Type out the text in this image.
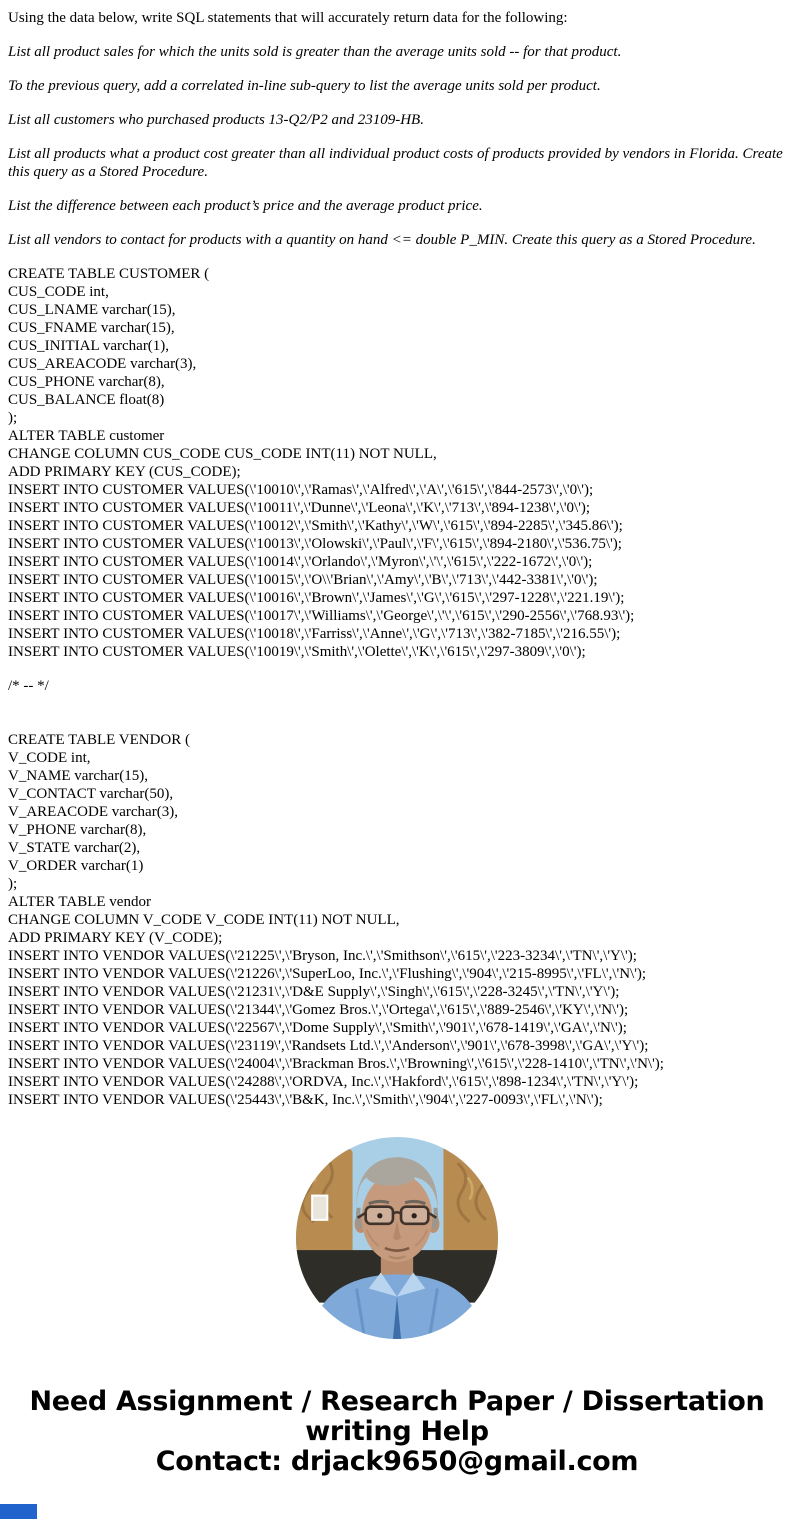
Using the data below, write SQL statements that will accurately return data for the following:

List all product sales for which the units sold is greater than the average units sold -- for that product.

To the previous query, add a correlated in-line sub-query to list the average units sold per product.

List all customers who purchased products 13-Q2/P2 and 23109-HB.

List all products what a product cost greater than all individual product costs of products provided by vendors in Florida. Create this query as a Stored Procedure.

List the difference between each product’s price and the average product price.

List all vendors to contact for products with a quantity on hand <= double P_MIN. Create this query as a Stored Procedure.

CREATE TABLE CUSTOMER (
CUS_CODE int,
CUS_LNAME varchar(15),
CUS_FNAME varchar(15),
CUS_INITIAL varchar(1),
CUS_AREACODE varchar(3),
CUS_PHONE varchar(8),
CUS_BALANCE float(8)
);
ALTER TABLE customer
CHANGE COLUMN CUS_CODE CUS_CODE INT(11) NOT NULL,
ADD PRIMARY KEY (CUS_CODE);
INSERT INTO CUSTOMER VALUES(\'10010\',\'Ramas\',\'Alfred\',\'A\',\'615\',\'844-2573\',\'0\');
INSERT INTO CUSTOMER VALUES(\'10011\',\'Dunne\',\'Leona\',\'K\',\'713\',\'894-1238\',\'0\');
INSERT INTO CUSTOMER VALUES(\'10012\',\'Smith\',\'Kathy\',\'W\',\'615\',\'894-2285\',\'345.86\');
INSERT INTO CUSTOMER VALUES(\'10013\',\'Olowski\',\'Paul\',\'F\',\'615\',\'894-2180\',\'536.75\');
INSERT INTO CUSTOMER VALUES(\'10014\',\'Orlando\',\'Myron\',\'\',\'615\',\'222-1672\',\'0\');
INSERT INTO CUSTOMER VALUES(\'10015\',\'O\\'Brian\',\'Amy\',\'B\',\'713\',\'442-3381\',\'0\');
INSERT INTO CUSTOMER VALUES(\'10016\',\'Brown\',\'James\',\'G\',\'615\',\'297-1228\',\'221.19\');
INSERT INTO CUSTOMER VALUES(\'10017\',\'Williams\',\'George\',\'\',\'615\',\'290-2556\',\'768.93\');
INSERT INTO CUSTOMER VALUES(\'10018\',\'Farriss\',\'Anne\',\'G\',\'713\',\'382-7185\',\'216.55\');
INSERT INTO CUSTOMER VALUES(\'10019\',\'Smith\',\'Olette\',\'K\',\'615\',\'297-3809\',\'0\');
/* -- */
CREATE TABLE VENDOR (
V_CODE int,
V_NAME varchar(15),
V_CONTACT varchar(50),
V_AREACODE varchar(3),
V_PHONE varchar(8),
V_STATE varchar(2),
V_ORDER varchar(1)
);
ALTER TABLE vendor
CHANGE COLUMN V_CODE V_CODE INT(11) NOT NULL,
ADD PRIMARY KEY (V_CODE);
INSERT INTO VENDOR VALUES(\'21225\',\'Bryson, Inc.\',\'Smithson\',\'615\',\'223-3234\',\'TN\',\'Y\');
INSERT INTO VENDOR VALUES(\'21226\',\'SuperLoo, Inc.\',\'Flushing\',\'904\',\'215-8995\',\'FL\',\'N\');
INSERT INTO VENDOR VALUES(\'21231\',\'D&E Supply\',\'Singh\',\'615\',\'228-3245\',\'TN\',\'Y\');
INSERT INTO VENDOR VALUES(\'21344\',\'Gomez Bros.\',\'Ortega\',\'615\',\'889-2546\',\'KY\',\'N\');
INSERT INTO VENDOR VALUES(\'22567\',\'Dome Supply\',\'Smith\',\'901\',\'678-1419\',\'GA\',\'N\');
INSERT INTO VENDOR VALUES(\'23119\',\'Randsets Ltd.\',\'Anderson\',\'901\',\'678-3998\',\'GA\',\'Y\');
INSERT INTO VENDOR VALUES(\'24004\',\'Brackman Bros.\',\'Browning\',\'615\',\'228-1410\',\'TN\',\'N\');
INSERT INTO VENDOR VALUES(\'24288\',\'ORDVA, Inc.\',\'Hakford\',\'615\',\'898-1234\',\'TN\',\'Y\');
INSERT INTO VENDOR VALUES(\'25443\',\'B&K, Inc.\',\'Smith\',\'904\',\'227-0093\',\'FL\',\'N\');
Need Assignment / Research Paper / Dissertation
writing Help
Contact: drjack9650@gmail.com
